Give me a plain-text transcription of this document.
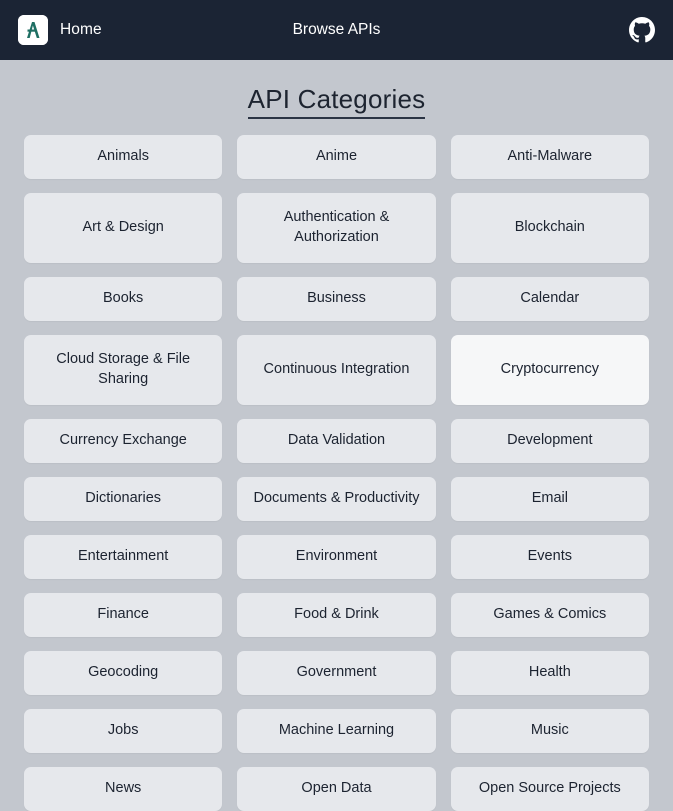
Home	Browse APIs
API Categories
Animals	Anime	Anti-Malware
Art & Design
Authentication & Authorization
Blockchain
Books	Business	Calendar
Cloud Storage & File Sharing
Continuous Integration	Cryptocurrency
Currency Exchange	Data Validation	Development
Dictionaries	Documents & Productivity	Email
Entertainment	Environment	Events
Finance	Food & Drink	Games & Comics
Geocoding	Government	Health
Jobs	Machine Learning	Music
News	Open Data	Open Source Projects
